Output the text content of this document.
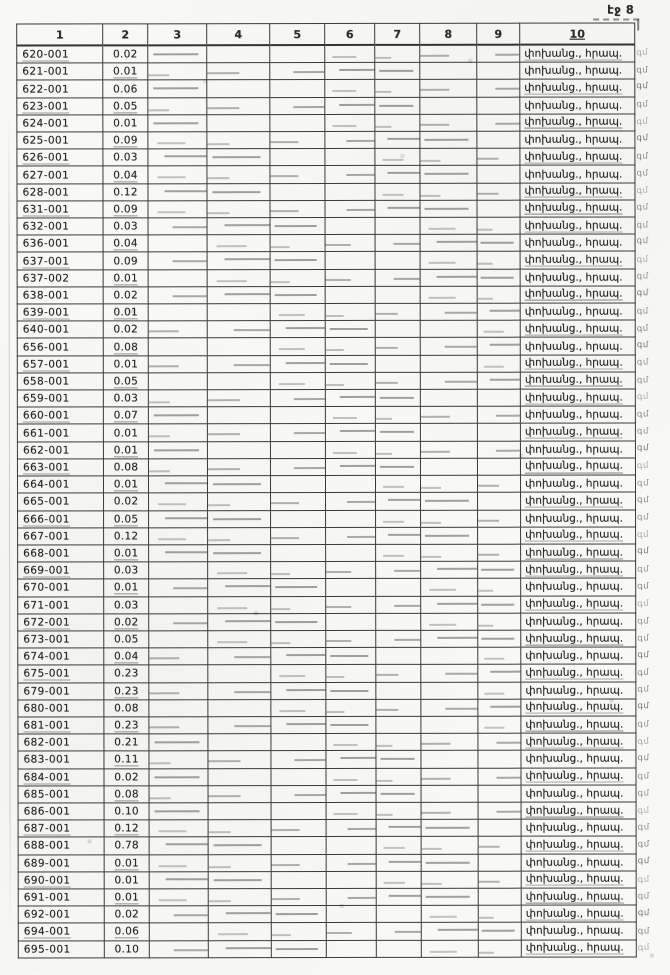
էջ 8
1	2	3	4	5	6	7	8	9	10
620-001	0.02								փոխանց., հրապ.
621-001	0.01								փոխանց., հրապ.
622-001	0.06								փոխանց., հրապ.
623-001	0.05								փոխանց., հրապ.
624-001	0.01								փոխանց., հրապ.
625-001	0.09								փոխանց., հրապ.
626-001	0.03								փոխանց., հրապ.
627-001	0.04								փոխանց., հրապ.
628-001	0.12								փոխանց., հրապ.
631-001	0.09								փոխանց., հրապ.
632-001	0.03								փոխանց., հրապ.
636-001	0.04								փոխանց., հրապ.
637-001	0.09								փոխանց., հրապ.
637-002	0.01								փոխանց., հրապ.
638-001	0.02								փոխանց., հրապ.
639-001	0.01								փոխանց., հրապ.
640-001	0.02								փոխանց., հրապ.
656-001	0.08								փոխանց., հրապ.
657-001	0.01								փոխանց., հրապ.
658-001	0.05								փոխանց., հրապ.
659-001	0.03								փոխանց., հրապ.
660-001	0.07								փոխանց., հրապ.
661-001	0.01								փոխանց., հրապ.
662-001	0.01								փոխանց., հրապ.
663-001	0.08								փոխանց., հրապ.
664-001	0.01								փոխանց., հրապ.
665-001	0.02								փոխանց., հրապ.
666-001	0.05								փոխանց., հրապ.
667-001	0.12								փոխանց., հրապ.
668-001	0.01								փոխանց., հրապ.
669-001	0.03								փոխանց., հրապ.
670-001	0.01								փոխանց., հրապ.
671-001	0.03								փոխանց., հրապ.
672-001	0.02								փոխանց., հրապ.
673-001	0.05								փոխանց., հրապ.
674-001	0.04								փոխանց., հրապ.
675-001	0.23								փոխանց., հրապ.
679-001	0.23								փոխանց., հրապ.
680-001	0.08								փոխանց., հրապ.
681-001	0.23								փոխանց., հրապ.
682-001	0.21								փոխանց., հրապ.
683-001	0.11								փոխանց., հրապ.
684-001	0.02								փոխանց., հրապ.
685-001	0.08								փոխանց., հրապ.
686-001	0.10								փոխանց., հրապ.
687-001	0.12								փոխանց., հրապ.
688-001	0.78								փոխանց., հրապ.
689-001	0.01								փոխանց., հրապ.
690-001	0.01								փոխանց., հրապ.
691-001	0.01								փոխանց., հրապ.
692-001	0.02								փոխանց., հրապ.
694-001	0.06								փոխանց., հրապ.
695-001	0.10								փոխանց., հրապ.
գմ
գմ
գմ
գմ
գմ
գմ
գմ
գմ
գմ
գմ
գմ
գմ
գմ
գմ
գմ
գմ
գմ
գմ
գմ
գմ
գմ
գմ
գմ
գմ
գմ
գմ
գմ
գմ
գմ
գմ
գմ
գմ
գմ
գմ
գմ
գմ
գմ
գմ
գմ
գմ
գմ
գմ
գմ
գմ
գմ
գմ
գմ
գմ
գմ
գմ
գմ
գմ
գմ
